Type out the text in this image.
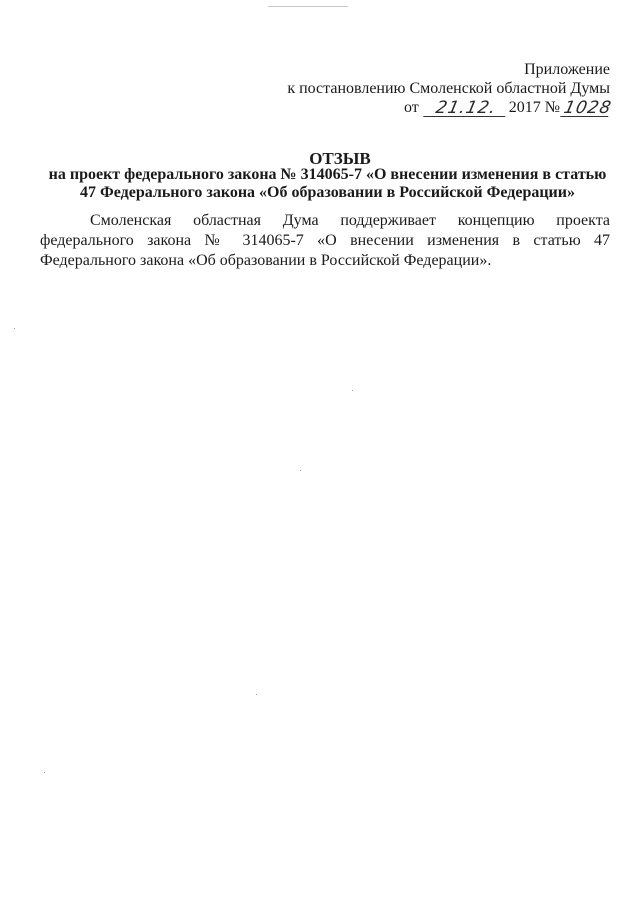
Приложение
к постановлению Смоленской областной Думы
от 21.12. 2017 № 1028
ОТЗЫВ
на проект федерального закона № 314065-7 «О внесении изменения в статью 47 Федерального закона «Об образовании в Российской Федерации»
Смоленская областная Дума поддерживает концепцию проекта федерального закона № 314065-7 «О внесении изменения в статью 47 Федерального закона «Об образовании в Российской Федерации».
